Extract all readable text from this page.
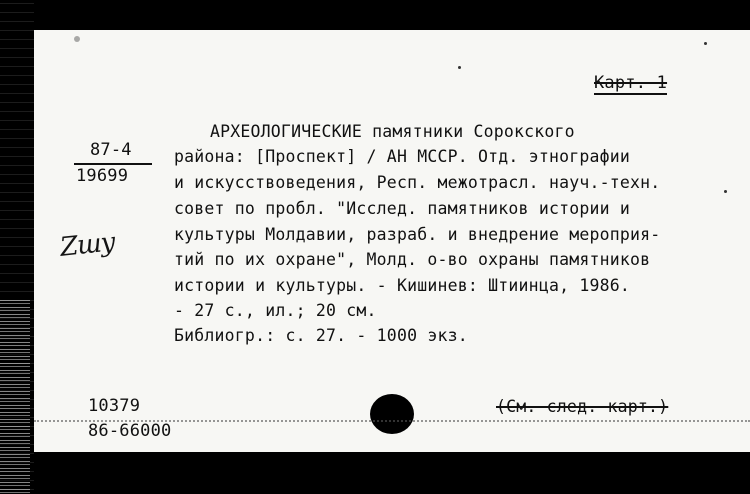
Карт. 1
87-4
19699
Zшу
АРХЕОЛОГИЧЕСКИЕ памятники Сорокского
района: [Проспект] / АН МССР. Отд. этнографии
и искусствоведения, Респ. межотрасл. науч.-техн.
совет по пробл. "Исслед. памятников истории и
культуры Молдавии, разраб. и внедрение мероприя-
тий по их охране", Молд. о-во охраны памятников
истории и культуры. - Кишинев: Штиинца, 1986.
- 27 с., ил.; 20 см.
Библиогр.: с. 27. - 1000 экз.
10379
86-66000
(См. след. карт.)
